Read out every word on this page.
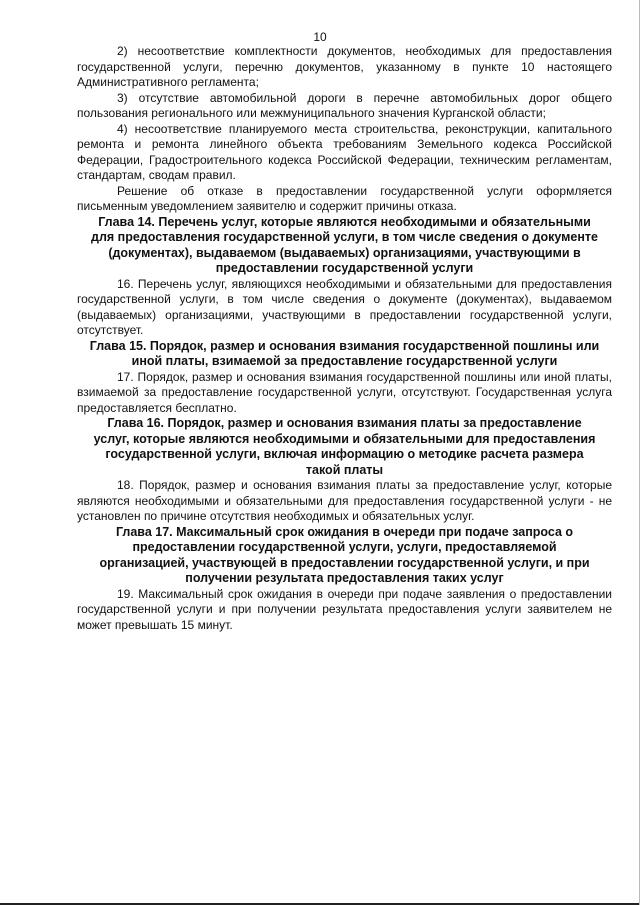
10

2) несоответствие комплектности документов, необходимых для предоставления государственной услуги, перечню документов, указанному в пункте 10 настоящего Административного регламента;

3) отсутствие автомобильной дороги в перечне автомобильных дорог общего пользования регионального или межмуниципального значения Курганской области;

4) несоответствие планируемого места строительства, реконструкции, капитального ремонта и ремонта линейного объекта требованиям Земельного кодекса Российской Федерации, Градостроительного кодекса Российской Федерации, техническим регламентам, стандартам, сводам правил.

Решение об отказе в предоставлении государственной услуги оформляется письменным уведомлением заявителю и содержит причины отказа.

Глава 14. Перечень услуг, которые являются необходимыми и обязательными для предоставления государственной услуги, в том числе сведения о документе (документах), выдаваемом (выдаваемых) организациями, участвующими в предоставлении государственной услуги

16. Перечень услуг, являющихся необходимыми и обязательными для предоставления государственной услуги, в том числе сведения о документе (документах), выдаваемом (выдаваемых) организациями, участвующими в предоставлении государственной услуги, отсутствует.

Глава 15. Порядок, размер и основания взимания государственной пошлины или иной платы, взимаемой за предоставление государственной услуги

17. Порядок, размер и основания взимания государственной пошлины или иной платы, взимаемой за предоставление государственной услуги, отсутствуют. Государственная услуга предоставляется бесплатно.

Глава 16. Порядок, размер и основания взимания платы за предоставление услуг, которые являются необходимыми и обязательными для предоставления государственной услуги, включая информацию о методике расчета размера такой платы

18. Порядок, размер и основания взимания платы за предоставление услуг, которые являются необходимыми и обязательными для предоставления государственной услуги - не установлен по причине отсутствия необходимых и обязательных услуг.

Глава 17. Максимальный срок ожидания в очереди при подаче запроса о предоставлении государственной услуги, услуги, предоставляемой организацией, участвующей в предоставлении государственной услуги, и при получении результата предоставления таких услуг

19. Максимальный срок ожидания в очереди при подаче заявления о предоставлении государственной услуги и при получении результата предоставления услуги заявителем не может превышать 15 минут.
